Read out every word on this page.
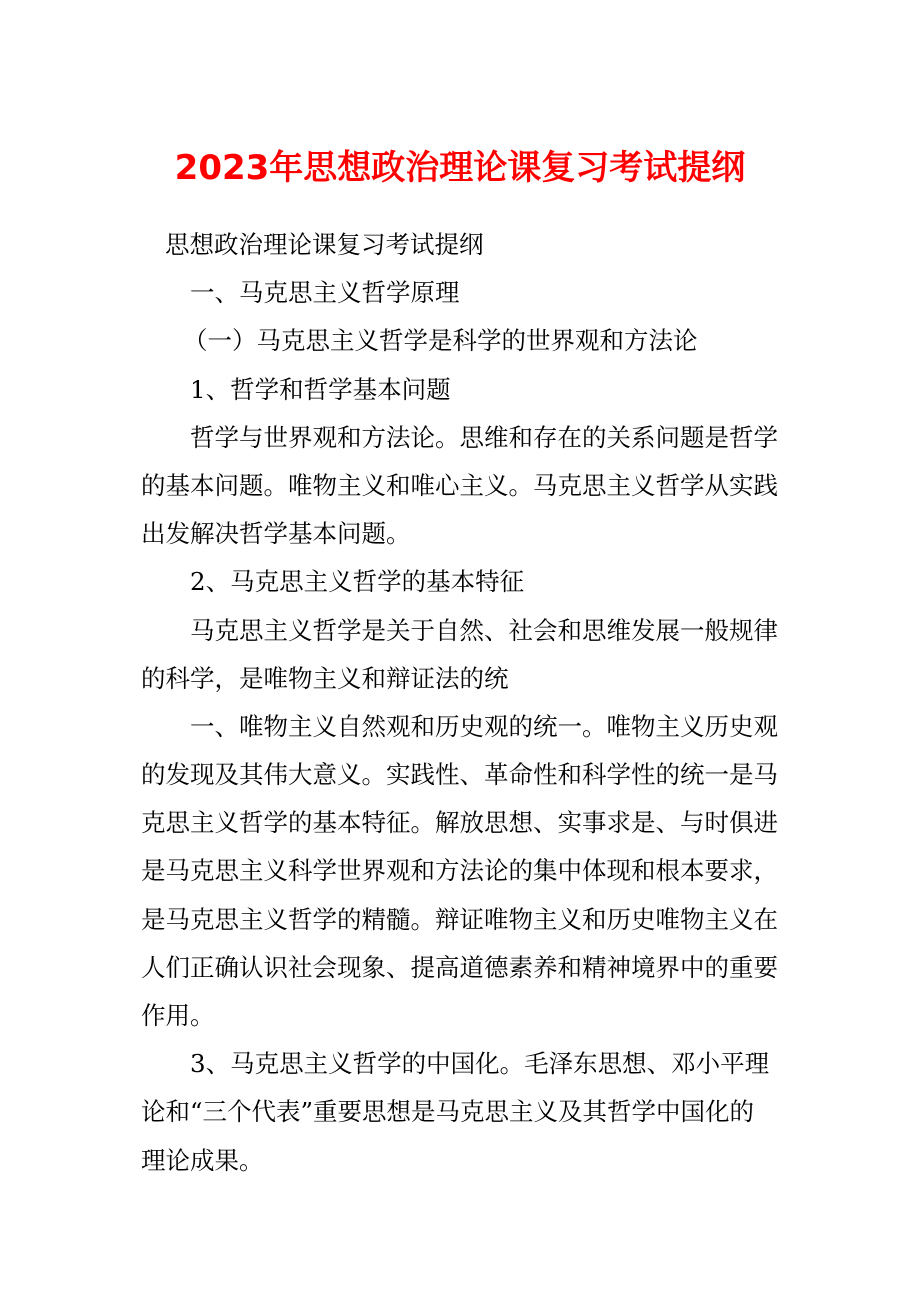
2023年思想政治理论课复习考试提纲
思想政治理论课复习考试提纲
一、马克思主义哲学原理
（一）马克思主义哲学是科学的世界观和方法论
1、哲学和哲学基本问题
哲学与世界观和方法论。思维和存在的关系问题是哲学
的基本问题。唯物主义和唯心主义。马克思主义哲学从实践
出发解决哲学基本问题。
2、马克思主义哲学的基本特征
马克思主义哲学是关于自然、社会和思维发展一般规律
的科学，是唯物主义和辩证法的统
一、唯物主义自然观和历史观的统一。唯物主义历史观
的发现及其伟大意义。实践性、革命性和科学性的统一是马
克思主义哲学的基本特征。解放思想、实事求是、与时俱进
是马克思主义科学世界观和方法论的集中体现和根本要求，
是马克思主义哲学的精髓。辩证唯物主义和历史唯物主义在
人们正确认识社会现象、提高道德素养和精神境界中的重要
作用。
3、马克思主义哲学的中国化。毛泽东思想、邓小平理
论和“三个代表”重要思想是马克思主义及其哲学中国化的
理论成果。
